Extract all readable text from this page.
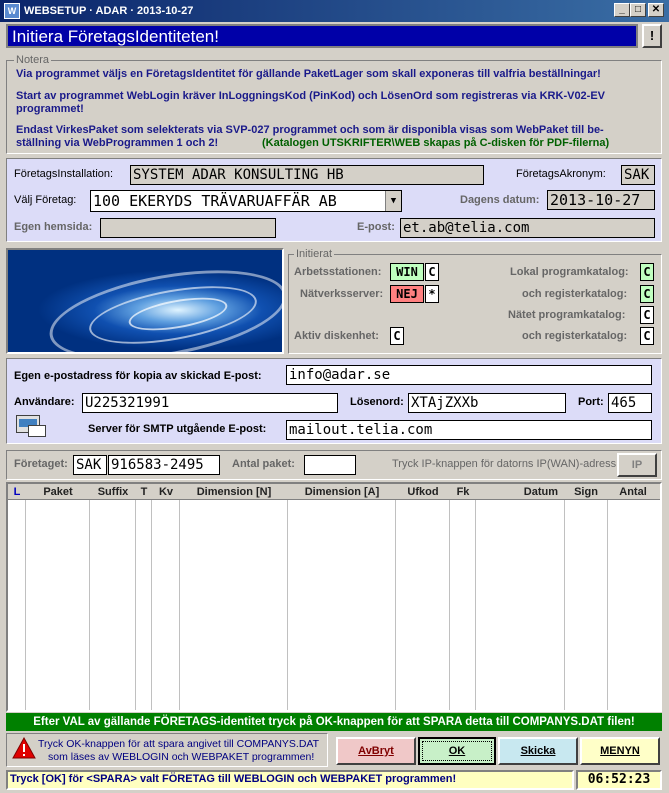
W WEBSETUP · ADAR · 2013-10-27	_	□	✕
Initiera FöretagsIdentiteten!	!
Notera
Via programmet väljs en FöretagsIdentitet för gällande PaketLager som skall exponeras till valfria beställningar!
Start av programmet WebLogin kräver InLoggningsKod (PinKod) och LösenOrd som registreras via KRK-V02-EV
programmet!
Endast VirkesPaket som selekterats via SVP-027 programmet och som är disponibla visas som WebPaket till be-
ställning via WebProgrammen 1 och 2!	(Katalogen UTSKRIFTER\WEB skapas på C-disken för PDF-filerna)
FöretagsInstallation: SYSTEM ADAR KONSULTING HB	FöretagsAkronym: SAK
Välj Företag: 100 EKERYDS TRÄVARUAFFÄR AB	▼	Dagens datum: 2013-10-27
Egen hemsida:	E-post: et.ab@telia.com
Initierat
Arbetsstationen:	WIN C
Nätverksserver:	NEJ *
Aktiv diskenhet: C
Lokal programkatalog: C
och registerkatalog: C
Nätet programkatalog: C
och registerkatalog: C
Egen e-postadress för kopia av skickad E-post: info@adar.se
Användare: U225321991	Lösenord: XTAjZXXb	Port: 465
Server för SMTP utgående E-post: mailout.telia.com
Företaget: SAK 916583-2495	Antal paket:	Tryck IP-knappen för datorns IP(WAN)-adress!	IP
L	Paket	Suffix	T	Kv	Dimension [N]	Dimension [A]	Ufkod	Fk	Datum	Sign	Antal
Efter VAL av gällande FÖRETAGS-identitet tryck på OK-knappen för att SPARA detta till COMPANYS.DAT filen!
Tryck OK-knappen för att spara angivet till COMPANYS.DAT
som läses av WEBLOGIN och WEBPAKET programmen!	AvBryt	OK	Skicka	MENYN
Tryck [OK] för <SPARA> valt FÖRETAG till WEBLOGIN och WEBPAKET programmen!	06:52:23
